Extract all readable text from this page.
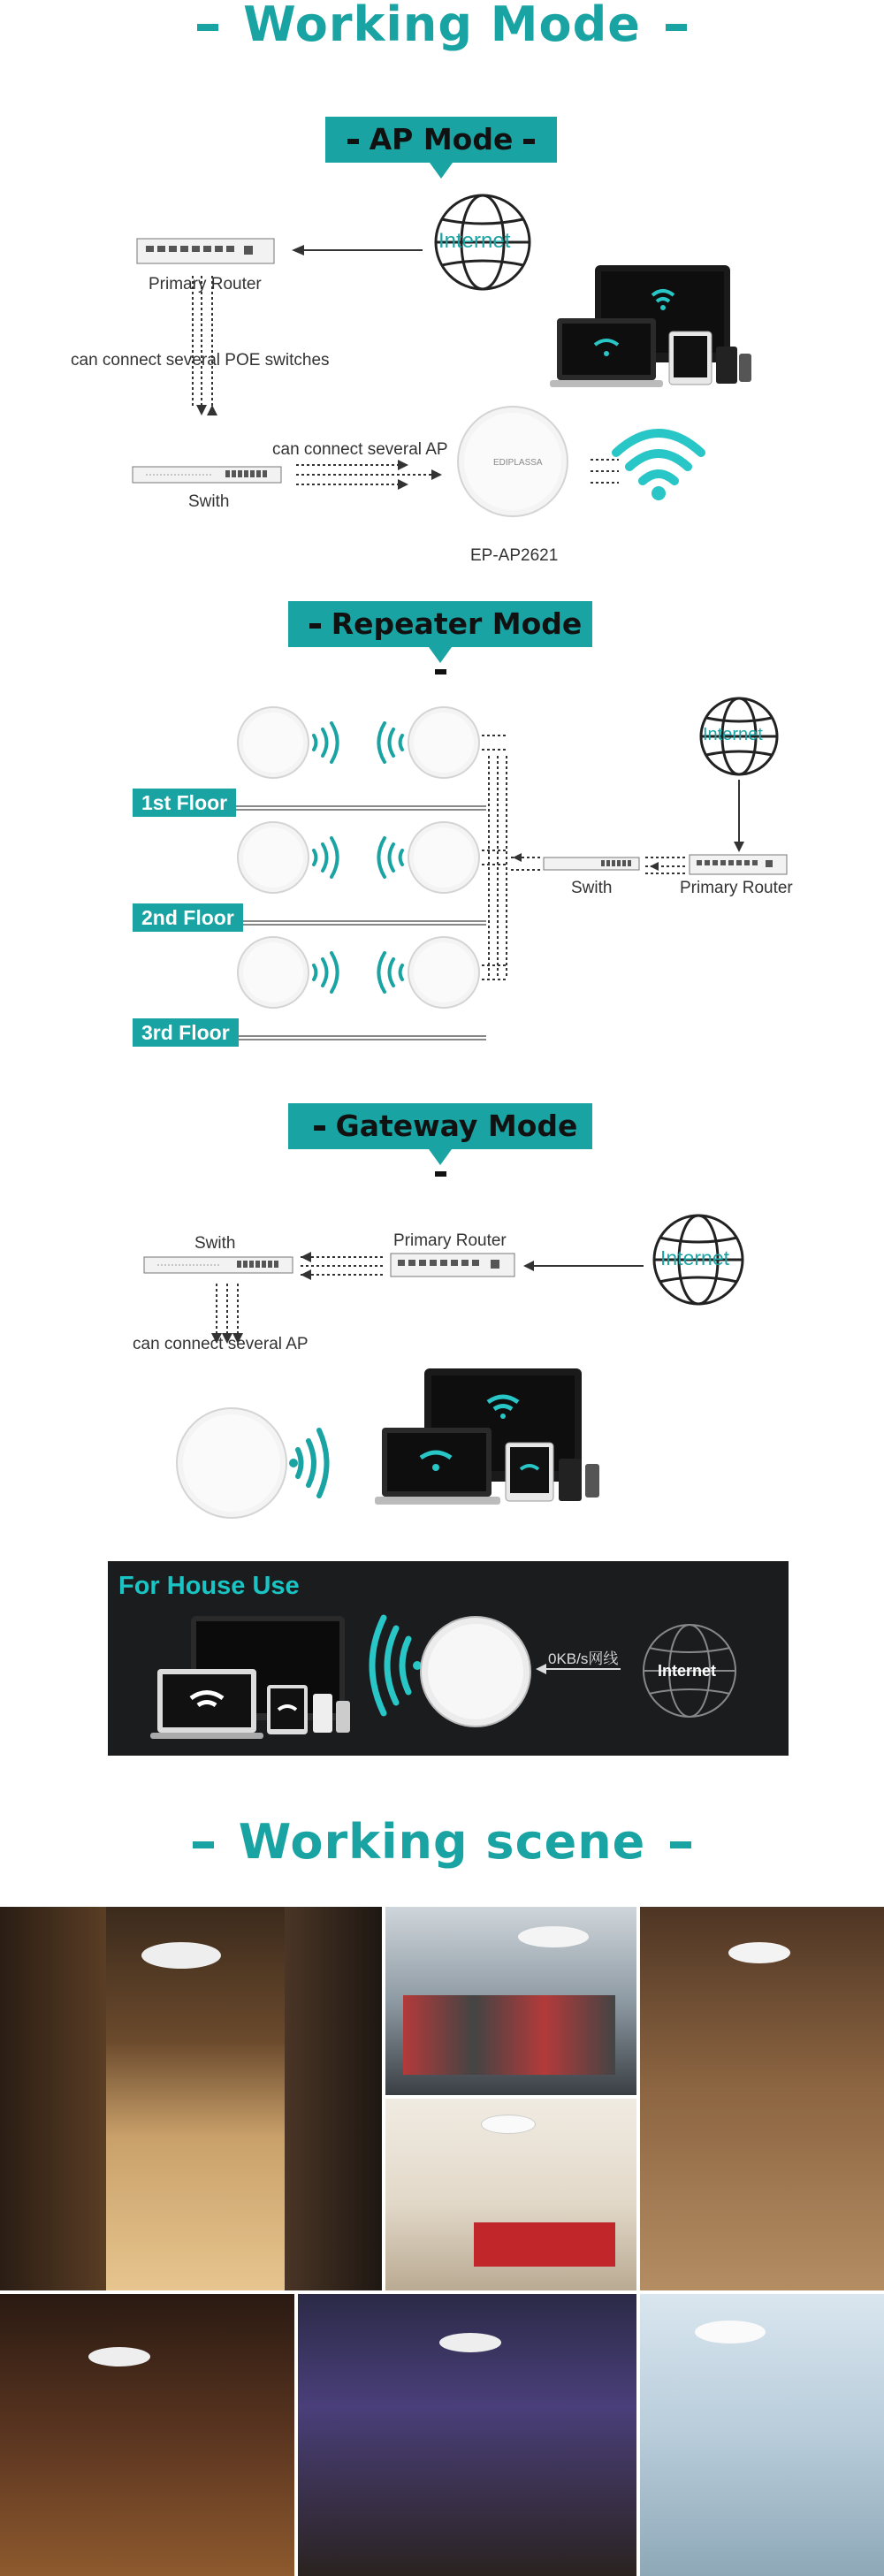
Working Mode
AP Mode
Internet
Primary Router
can connect several POE switches
Swith
can connect several AP
EDIPLASSA
EP-AP2621
Repeater Mode
Internet
Swith	Primary Router
1st Floor
2nd Floor
3rd Floor
Gateway Mode
Swith	Primary Router
Internet
can connect several AP
For House Use
0KB/s网线
Internet
Working scene
